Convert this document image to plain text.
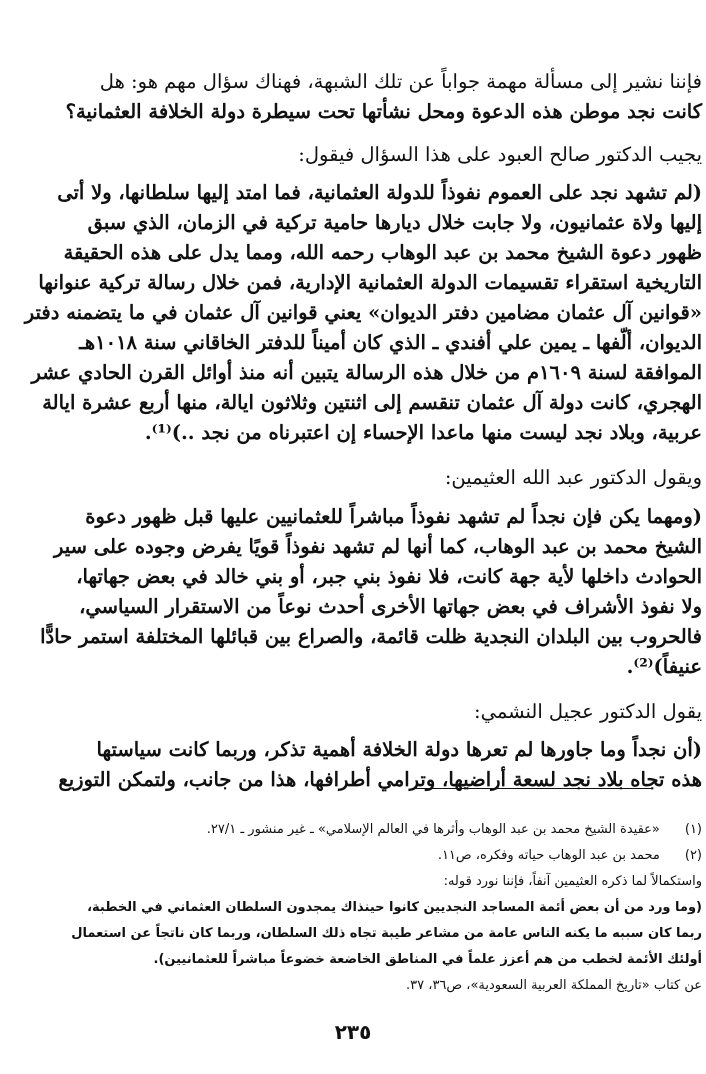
فإننا نشير إلى مسألة مهمة جواباً عن تلك الشبهة، فهناك سؤال مهم هو: هل
كانت نجد موطن هذه الدعوة ومحل نشأتها تحت سيطرة دولة الخلافة العثمانية؟
يجيب الدكتور صالح العبود على هذا السؤال فيقول:
(لم تشهد نجد على العموم نفوذاً للدولة العثمانية، فما امتد إليها سلطانها، ولا أتى
إليها ولاة عثمانيون، ولا جابت خلال ديارها حامية تركية في الزمان، الذي سبق
ظهور دعوة الشيخ محمد بن عبد الوهاب رحمه الله، ومما يدل على هذه الحقيقة
التاريخية استقراء تقسيمات الدولة العثمانية الإدارية، فمن خلال رسالة تركية عنوانها
«قوانين آل عثمان مضامين دفتر الديوان» يعني قوانين آل عثمان في ما يتضمنه دفتر
الديوان، ألّفها ـ يمين علي أفندي ـ الذي كان أميناً للدفتر الخاقاني سنة ١٠١٨هـ
الموافقة لسنة ١٦٠٩م من خلال هذه الرسالة يتبين أنه منذ أوائل القرن الحادي عشر
الهجري، كانت دولة آل عثمان تنقسم إلى اثنتين وثلاثون ايالة، منها أربع عشرة ايالة
عربية، وبلاد نجد ليست منها ماعدا الإحساء إن اعتبرناه من نجد ..)⁽¹⁾.
ويقول الدكتور عبد الله العثيمين:
(ومهما يكن فإن نجداً لم تشهد نفوذاً مباشراً للعثمانيين عليها قبل ظهور دعوة
الشيخ محمد بن عبد الوهاب، كما أنها لم تشهد نفوذاً قويًا يفرض وجوده على سير
الحوادث داخلها لأية جهة كانت، فلا نفوذ بني جبر، أو بني خالد في بعض جهاتها،
ولا نفوذ الأشراف في بعض جهاتها الأخرى أحدث نوعاً من الاستقرار السياسي،
فالحروب بين البلدان النجدية ظلت قائمة، والصراع بين قبائلها المختلفة استمر حادًّا
عنيفاً)⁽²⁾.
يقول الدكتور عجيل النشمي:
(أن نجداً وما جاورها لم تعرها دولة الخلافة أهمية تذكر، وربما كانت سياستها
هذه تجاه بلاد نجد لسعة أراضيها، وترامي أطرافها، هذا من جانب، ولتمكن التوزيع
(١) «عقيدة الشيخ محمد بن عبد الوهاب وأثرها في العالم الإسلامي» ـ غير منشور ـ ٢٧/١.
(٢) محمد بن عبد الوهاب حياته وفكره، ص١١.
واستكمالاً لما ذكره العثيمين آنفاً، فإننا نورد قوله:
(وما ورد من أن بعض أئمة المساجد النجديين كانوا حينذاك يمجدون السلطان العثماني في الخطبة،
ربما كان سببه ما يكنه الناس عامة من مشاعر طيبة تجاه ذلك السلطان، وربما كان ناتجاً عن استعمال
أولئك الأئمة لخطب من هم أعزز علماً في المناطق الخاضعة خضوعاً مباشراً للعثمانيين).
عن كتاب «تاريخ المملكة العربية السعودية»، ص٣٦، ٣٧.
٢٣٥
